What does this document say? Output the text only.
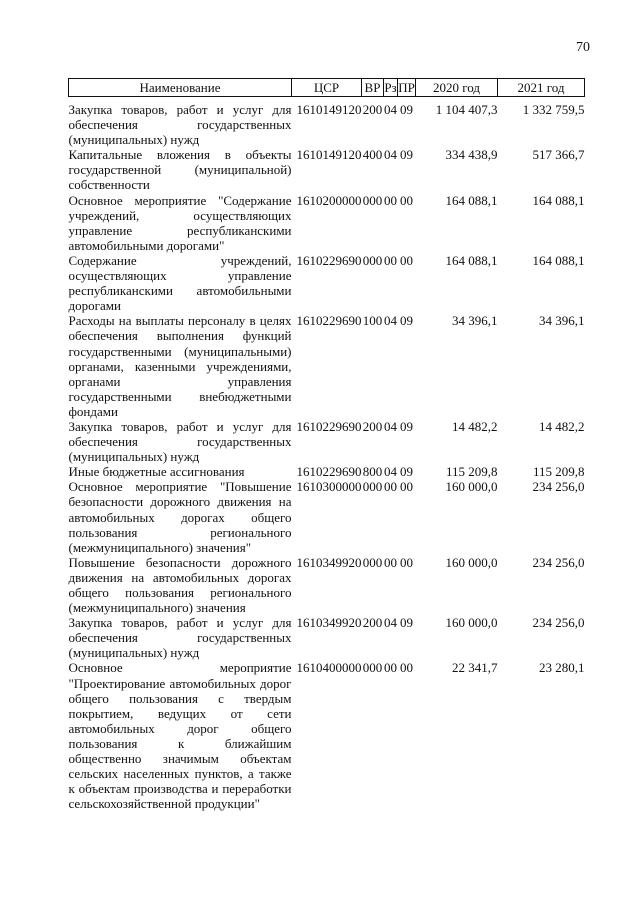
70
Наименование	ЦСР	ВР	Рз	ПР	2020 год	2021 год
Закупка товаров, работ и услуг для обеспечения государственных (муниципальных) нужд	1610149120	200	04	09	1 104 407,3	1 332 759,5
Капитальные вложения в объекты государственной (муниципальной) собственности	1610149120	400	04	09	334 438,9	517 366,7
Основное мероприятие "Содержание учреждений, осуществляющих управление республиканскими автомобильными дорогами"	1610200000	000	00	00	164 088,1	164 088,1
Содержание учреждений, осуществляющих управление республиканскими автомобильными дорогами	1610229690	000	00	00	164 088,1	164 088,1
Расходы на выплаты персоналу в целях обеспечения выполнения функций государственными (муниципальными) органами, казенными учреждениями, органами управления государственными внебюджетными фондами	1610229690	100	04	09	34 396,1	34 396,1
Закупка товаров, работ и услуг для обеспечения государственных (муниципальных) нужд	1610229690	200	04	09	14 482,2	14 482,2
Иные бюджетные ассигнования	1610229690	800	04	09	115 209,8	115 209,8
Основное мероприятие "Повышение безопасности дорожного движения на автомобильных дорогах общего пользования регионального (межмуниципального) значения"	1610300000	000	00	00	160 000,0	234 256,0
Повышение безопасности дорожного движения на автомобильных дорогах общего пользования регионального (межмуниципального) значения	1610349920	000	00	00	160 000,0	234 256,0
Закупка товаров, работ и услуг для обеспечения государственных (муниципальных) нужд	1610349920	200	04	09	160 000,0	234 256,0
Основное мероприятие "Проектирование автомобильных дорог общего пользования с твердым покрытием, ведущих от сети автомобильных дорог общего пользования к ближайшим общественно значимым объектам сельских населенных пунктов, а также к объектам производства и переработки сельскохозяйственной продукции"	1610400000	000	00	00	22 341,7	23 280,1
